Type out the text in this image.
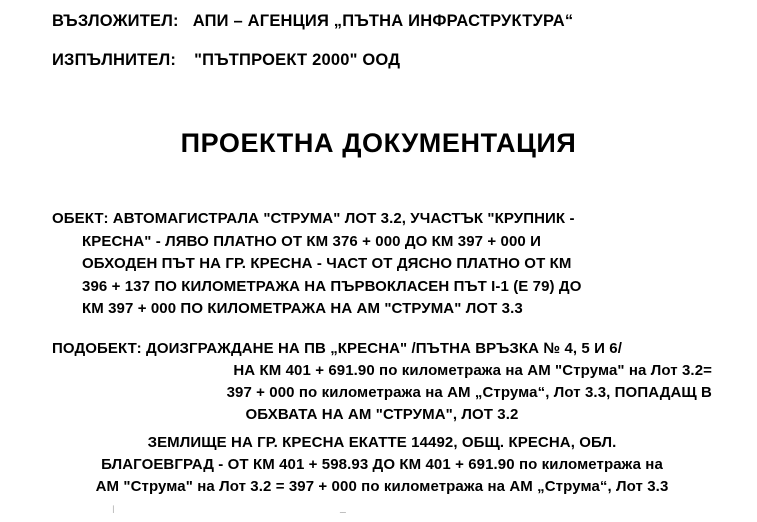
ВЪЗЛОЖИТЕЛ: АПИ – АГЕНЦИЯ „ПЪТНА ИНФРАСТРУКТУРА“
ИЗПЪЛНИТЕЛ: "ПЪТПРОЕКТ 2000" ООД
ПРОЕКТНА ДОКУМЕНТАЦИЯ
ОБЕКТ: АВТОМАГИСТРАЛА "СТРУМА" ЛОТ 3.2, УЧАСТЪК "КРУПНИК -
КРЕСНА" - ЛЯВО ПЛАТНО ОТ КМ 376 + 000 ДО КМ 397 + 000 И
ОБХОДЕН ПЪТ НА ГР. КРЕСНА - ЧАСТ ОТ ДЯСНО ПЛАТНО ОТ КМ
396 + 137 ПО КИЛОМЕТРАЖА НА ПЪРВОКЛАСЕН ПЪТ I-1 (Е 79) ДО
КМ 397 + 000 ПО КИЛОМЕТРАЖА НА АМ "СТРУМА" ЛОТ 3.3
ПОДОБЕКТ: ДОИЗГРАЖДАНЕ НА ПВ „КРЕСНА" /ПЪТНА ВРЪЗКА № 4, 5 И 6/
НА КМ 401 + 691.90 по километража на АМ "Струма" на Лот 3.2=
397 + 000 по километража на АМ „Струма“, Лот 3.3, ПОПАДАЩ В
ОБХВАТА НА АМ "СТРУМА", ЛОТ 3.2
ЗЕМЛИЩЕ НА ГР. КРЕСНА ЕКАТТЕ 14492, ОБЩ. КРЕСНА, ОБЛ.
БЛАГОЕВГРАД - ОТ КМ 401 + 598.93 ДО КМ 401 + 691.90 по километража на
АМ "Струма" на Лот 3.2 = 397 + 000 по километража на АМ „Струма“, Лот 3.3
ا	ــ
